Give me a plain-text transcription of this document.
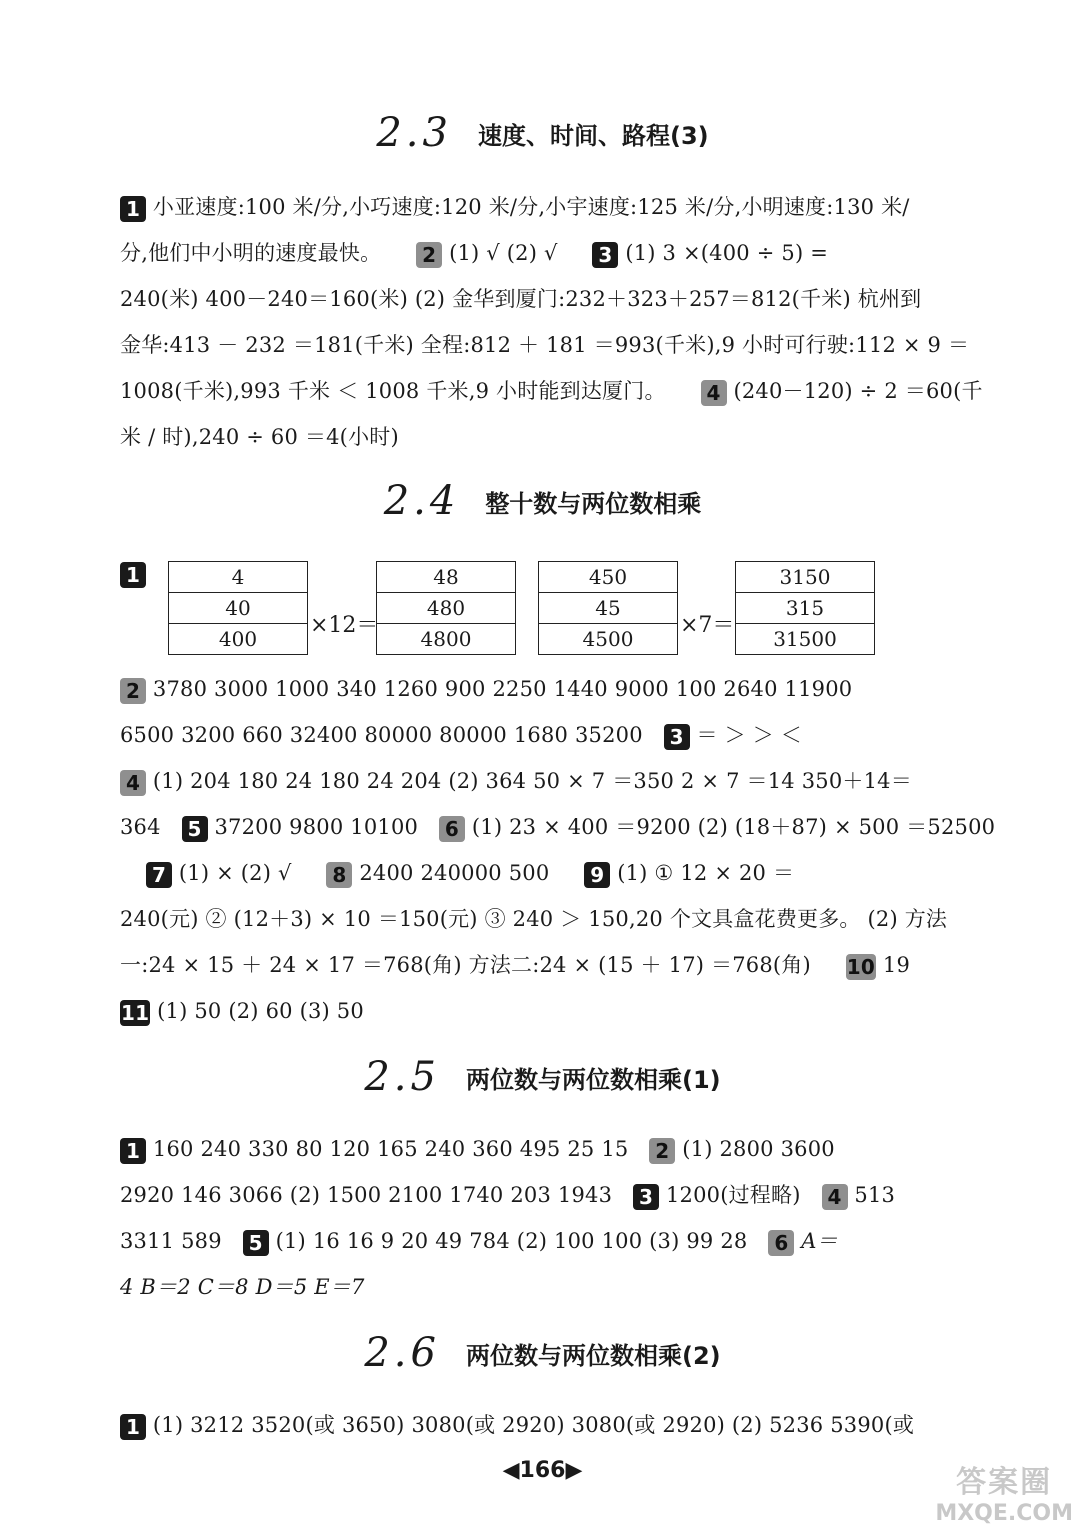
2.3 速度、时间、路程(3)
1 小亚速度:100 米/分,小巧速度:120 米/分,小宇速度:125 米/分,小明速度:130 米/
分,他们中小明的速度最快。 2 (1) √ (2) √ 3 (1) 3 ×(400 ÷ 5) =
240(米) 400－240＝160(米) (2) 金华到厦门:232＋323＋257＝812(千米) 杭州到
金华:413 － 232 ＝181(千米) 全程:812 ＋ 181 ＝993(千米),9 小时可行驶:112 × 9 ＝
1008(千米),993 千米 ＜ 1008 千米,9 小时能到达厦门。 4 (240－120) ÷ 2 ＝60(千
米 / 时),240 ÷ 60 ＝4(小时)
2.4 整十数与两位数相乘
1	4
40
400
×12＝
48
480
4800
450
45
4500
×7＝
3150
315
31500
2 3780 3000 1000 340 1260 900 2250 1440 9000 100 2640 11900
6500 3200 660 32400 80000 80000 1680 35200 3 ＝ ＞ ＞ ＜
4 (1) 204 180 24 180 24 204 (2) 364 50 × 7 ＝350 2 × 7 ＝14 350＋14＝
364 5 37200 9800 10100 6 (1) 23 × 400 ＝9200 (2) (18＋87) × 500 ＝52500
7 (1) × (2) √ 8 2400 240000 500 9 (1) ① 12 × 20 ＝
240(元) ② (12＋3) × 10 ＝150(元) ③ 240 ＞ 150,20 个文具盒花费更多。 (2) 方法
一:24 × 15 ＋ 24 × 17 ＝768(角) 方法二:24 × (15 ＋ 17) ＝768(角) 10 19
11 (1) 50 (2) 60 (3) 50
2.5 两位数与两位数相乘(1)
1 160 240 330 80 120 165 240 360 495 25 15 2 (1) 2800 3600
2920 146 3066 (2) 1500 2100 1740 203 1943 3 1200(过程略) 4 513
3311 589 5 (1) 16 16 9 20 49 784 (2) 100 100 (3) 99 28 6 A＝
4 B＝2 C＝8 D＝5 E＝7
2.6 两位数与两位数相乘(2)
1 (1) 3212 3520(或 3650) 3080(或 2920) 3080(或 2920) (2) 5236 5390(或
◀166▶	答案圈
MXQE.COM
